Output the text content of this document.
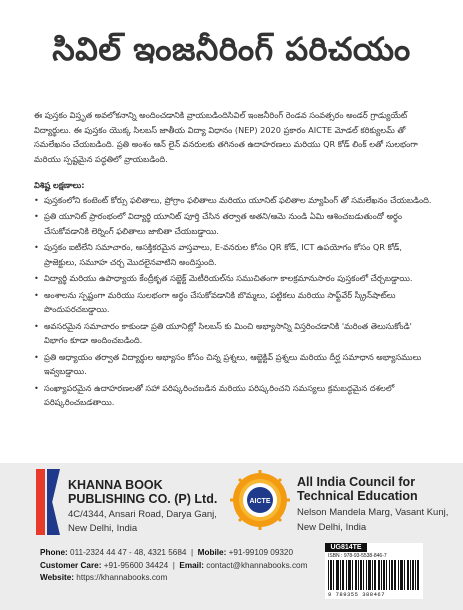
సివిల్ ఇంజనీరింగ్ పరిచయం

ఈ పుస్తకం విస్తృత అవలోకనాన్ని అందించడానికి వ్రాయబడిందిసివిల్ ఇంజనీరింగ్ రెండవ సంవత్సరం అండర్ గ్రాడ్యుయేట్ విద్యార్థులు. ఈ పుస్తకం యొక్క సిలబస్ జాతీయ విద్యా విధానం (NEP) 2020 ప్రకారం AICTE మోడల్ కరిక్యులమ్ తో సమలేఖనం చేయబడింది. ప్రతి అంశం ఆన్ లైన్ వనరులకు తగినంత ఉదాహరణలు మరియు QR కోడ్ లింక్ లతో సులభంగా మరియు స్పష్టమైన పద్ధతిలో వ్రాయబడింది.

విశిష్ట లక్షణాలు:
• పుస్తకంలోని కంటెంట్ కోర్సు ఫలితాలు, ప్రోగ్రాం ఫలితాలు మరియు యూనిట్ ఫలితాల మ్యాపింగ్ తో సమలేఖనం చేయబడింది.
• ప్రతి యూనిట్ ప్రారంభంలో విద్యార్థి యూనిట్ పూర్తి చేసిన తర్వాత అతని/ఆమె నుండి ఏమి ఆశించబడుతుందో అర్థం చేసుకోవడానికి లెర్నింగ్ ఫలితాలు జాబితా చేయబడ్డాయి.
• పుస్తకం ఐటీలేని సమాచారం, ఆసక్తికరమైన వాస్తవాలు, E-వనరుల కోసం QR కోడ్, ICT ఉపయోగం కోసం QR కోడ్, ప్రాజెక్టులు, సమూహ చర్చ మొదలైనవాటిని అందిస్తుంది.
• విద్యార్థి మరియు ఉపాధ్యాయ కేంద్రీకృత సబ్జెక్ట్ మెటీరియల్‌ను సముచితంగా కాలక్రమానుసారం పుస్తకంలో చేర్చబడ్డాయి.
• అంశాలను స్పష్టంగా మరియు సులభంగా అర్థం చేసుకోవడానికి బొమ్మలు, పట్టికలు మరియు సాఫ్ట్‌వేర్ స్క్రీన్‌షాట్‌లు పొందుపరచబడ్డాయి.
• అవసరమైన సమాచారం కాకుండా ప్రతి యూనిట్లో సిలబస్ కు మించి అభ్యాసాన్ని విస్తరించడానికి 'మరింత తెలుసుకోండి' విభాగం కూడా అందించబడింది.
• ప్రతి అధ్యాయం తర్వాత విద్యార్థుల అభ్యాసం కోసం చిన్న ప్రశ్నలు, ఆబ్జెక్టివ్ ప్రశ్నలు మరియు దీర్ఘ సమాధాన అభ్యాసములు ఇవ్వబడ్డాయి.
• సంఖ్యాపరమైన ఉదాహరణలతో సహా పరిష్కరించబడిన మరియు పరిష్కరించని సమస్యలు క్రమబద్ధమైన దశలలో పరిష్కరించబడతాయి.
KHANNA BOOK
PUBLISHING CO. (P) Ltd.
4C/4344, Ansari Road, Darya Ganj,
New Delhi, India
AICTE
All India Council for
Technical Education
Nelson Mandela Marg, Vasant Kunj,
New Delhi, India
Phone: 011-2324 44 47 - 48, 4321 5684  |  Mobile: +91-99109 09320
Customer Care: +91-95600 34424  |  Email: contact@khannabooks.com
Website: https://khannabooks.com
UG814TE
ISBN : 978-93-5538-846-7
9 789355 388467
